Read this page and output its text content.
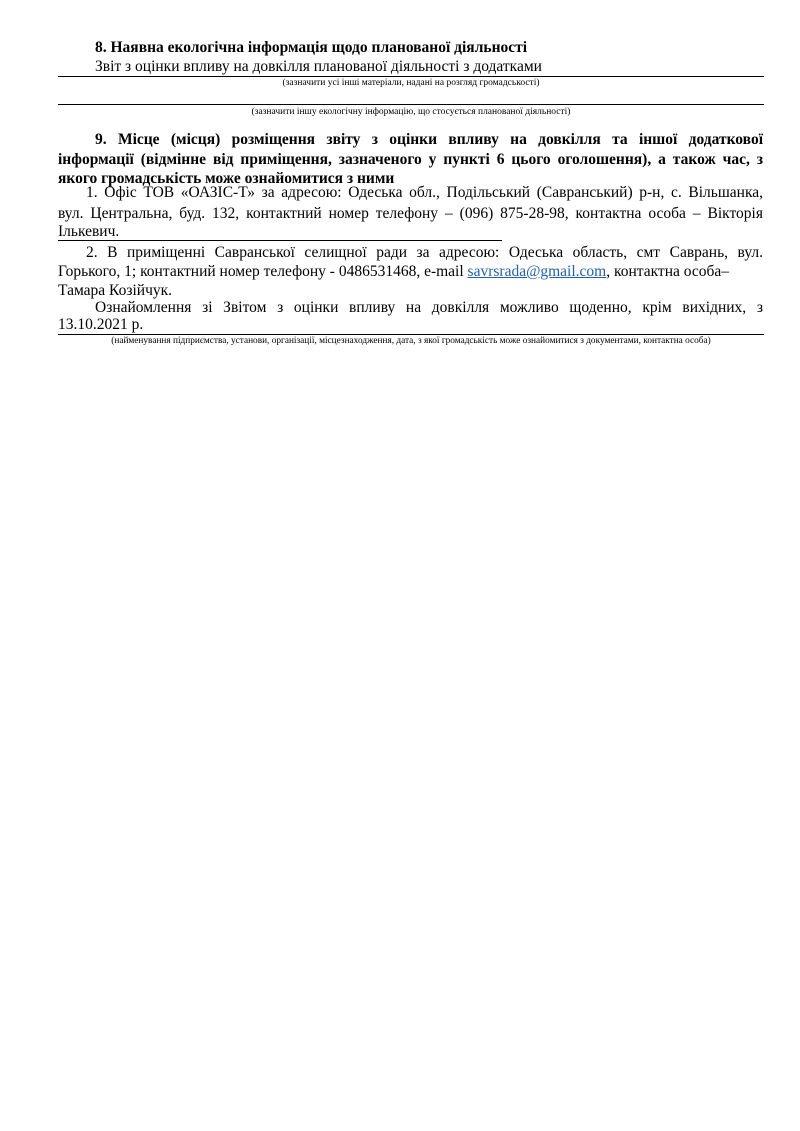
8. Наявна екологічна інформація щодо планованої діяльності
Звіт з оцінки впливу на довкілля планованої діяльності з додатками
(зазначити усі інші матеріали, надані на розгляд громадськості)
(зазначити іншу екологічну інформацію, що стосується планованої діяльності)
9. Місце (місця) розміщення звіту з оцінки впливу на довкілля та іншої додаткової
інформації (відмінне від приміщення, зазначеного у пункті 6 цього оголошення), а також час, з
якого громадськість може ознайомитися з ними
1. Офіс ТОВ «ОАЗІС-Т» за адресою: Одеська обл., Подільський (Савранський) р-н, с. Вільшанка,
вул. Центральна, буд. 132, контактний номер телефону – (096) 875-28-98, контактна особа – Вікторія
Ількевич.
2. В приміщенні Савранської селищної ради за адресою: Одеська область, смт Саврань, вул.
Горького, 1; контактний номер телефону - 0486531468, e-mail savrsrada@gmail.com, контактна особа–
Тамара Козійчук.
Ознайомлення зі Звітом з оцінки впливу на довкілля можливо щоденно, крім вихідних, з
13.10.2021 р.
(найменування підприємства, установи, організації, місцезнаходження, дата, з якої громадськість може ознайомитися з документами, контактна особа)
